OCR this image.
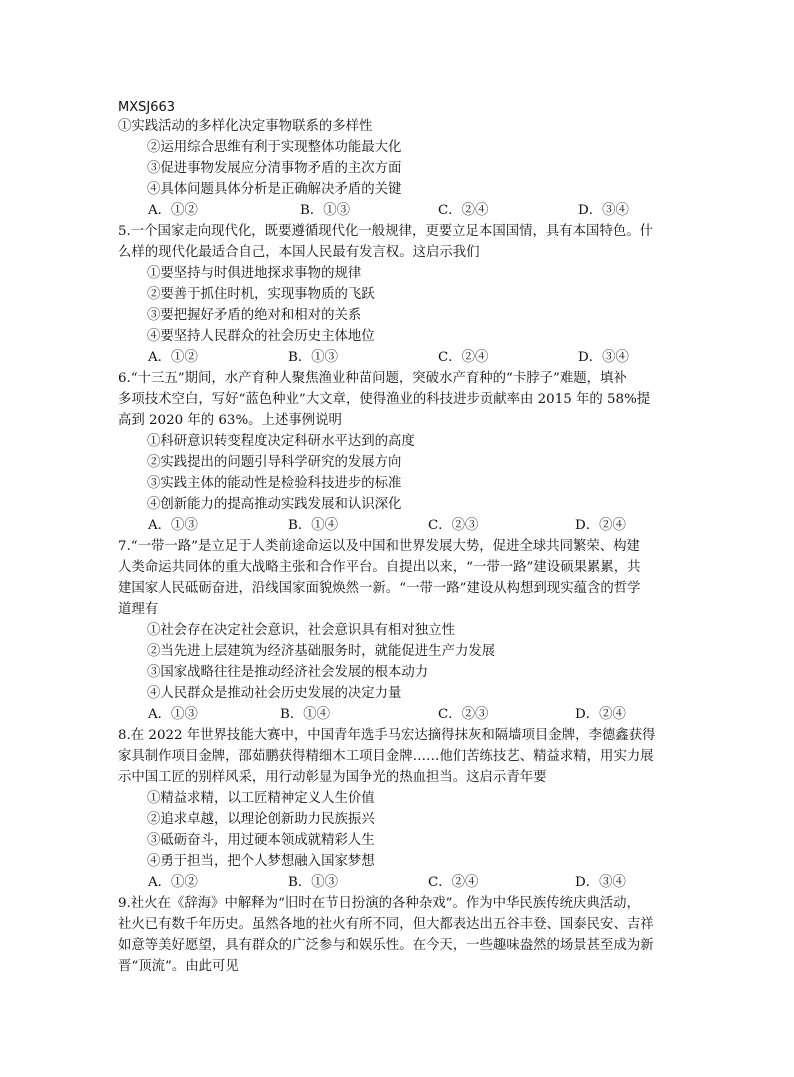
MXSJ663
①实践活动的多样化决定事物联系的多样性
②运用综合思维有利于实现整体功能最大化
③促进事物发展应分清事物矛盾的主次方面
④具体问题具体分析是正确解决矛盾的关键
A．①②	B．①③	C．②④	D．③④
5.一个国家走向现代化，既要遵循现代化一般规律，更要立足本国国情，具有本国特色。什
么样的现代化最适合自己，本国人民最有发言权。这启示我们
①要坚持与时俱进地探求事物的规律
②要善于抓住时机，实现事物质的飞跃
③要把握好矛盾的绝对和相对的关系
④要坚持人民群众的社会历史主体地位
A．①②	B．①③	C．②④	D．③④
6.“十三五”期间，水产育种人聚焦渔业种苗问题，突破水产育种的“卡脖子”难题，填补
多项技术空白，写好“蓝色种业”大文章，使得渔业的科技进步贡献率由 2015 年的 58%提
高到 2020 年的 63%。上述事例说明
①科研意识转变程度决定科研水平达到的高度
②实践提出的问题引导科学研究的发展方向
③实践主体的能动性是检验科技进步的标准
④创新能力的提高推动实践发展和认识深化
A．①③	B．①④	C．②③	D．②④
7.“一带一路”是立足于人类前途命运以及中国和世界发展大势，促进全球共同繁荣、构建
人类命运共同体的重大战略主张和合作平台。自提出以来，“一带一路”建设硕果累累，共
建国家人民砥砺奋进，沿线国家面貌焕然一新。“一带一路”建设从构想到现实蕴含的哲学
道理有
①社会存在决定社会意识，社会意识具有相对独立性
②当先进上层建筑为经济基础服务时，就能促进生产力发展
③国家战略往往是推动经济社会发展的根本动力
④人民群众是推动社会历史发展的决定力量
A．①③	B．①④	C．②③	D．②④
8.在 2022 年世界技能大赛中，中国青年选手马宏达摘得抹灰和隔墙项目金牌，李德鑫获得
家具制作项目金牌，邵茹鹏获得精细木工项目金牌……他们苦练技艺、精益求精，用实力展
示中国工匠的别样风采，用行动彰显为国争光的热血担当。这启示青年要
①精益求精，以工匠精神定义人生价值
②追求卓越，以理论创新助力民族振兴
③砥砺奋斗，用过硬本领成就精彩人生
④勇于担当，把个人梦想融入国家梦想
A．①②	B．①③	C．②④	D．③④
9.社火在《辞海》中解释为“旧时在节日扮演的各种杂戏”。作为中华民族传统庆典活动，
社火已有数千年历史。虽然各地的社火有所不同，但大都表达出五谷丰登、国泰民安、吉祥
如意等美好愿望，具有群众的广泛参与和娱乐性。在今天，一些趣味盎然的场景甚至成为新
晋“顶流”。由此可见
